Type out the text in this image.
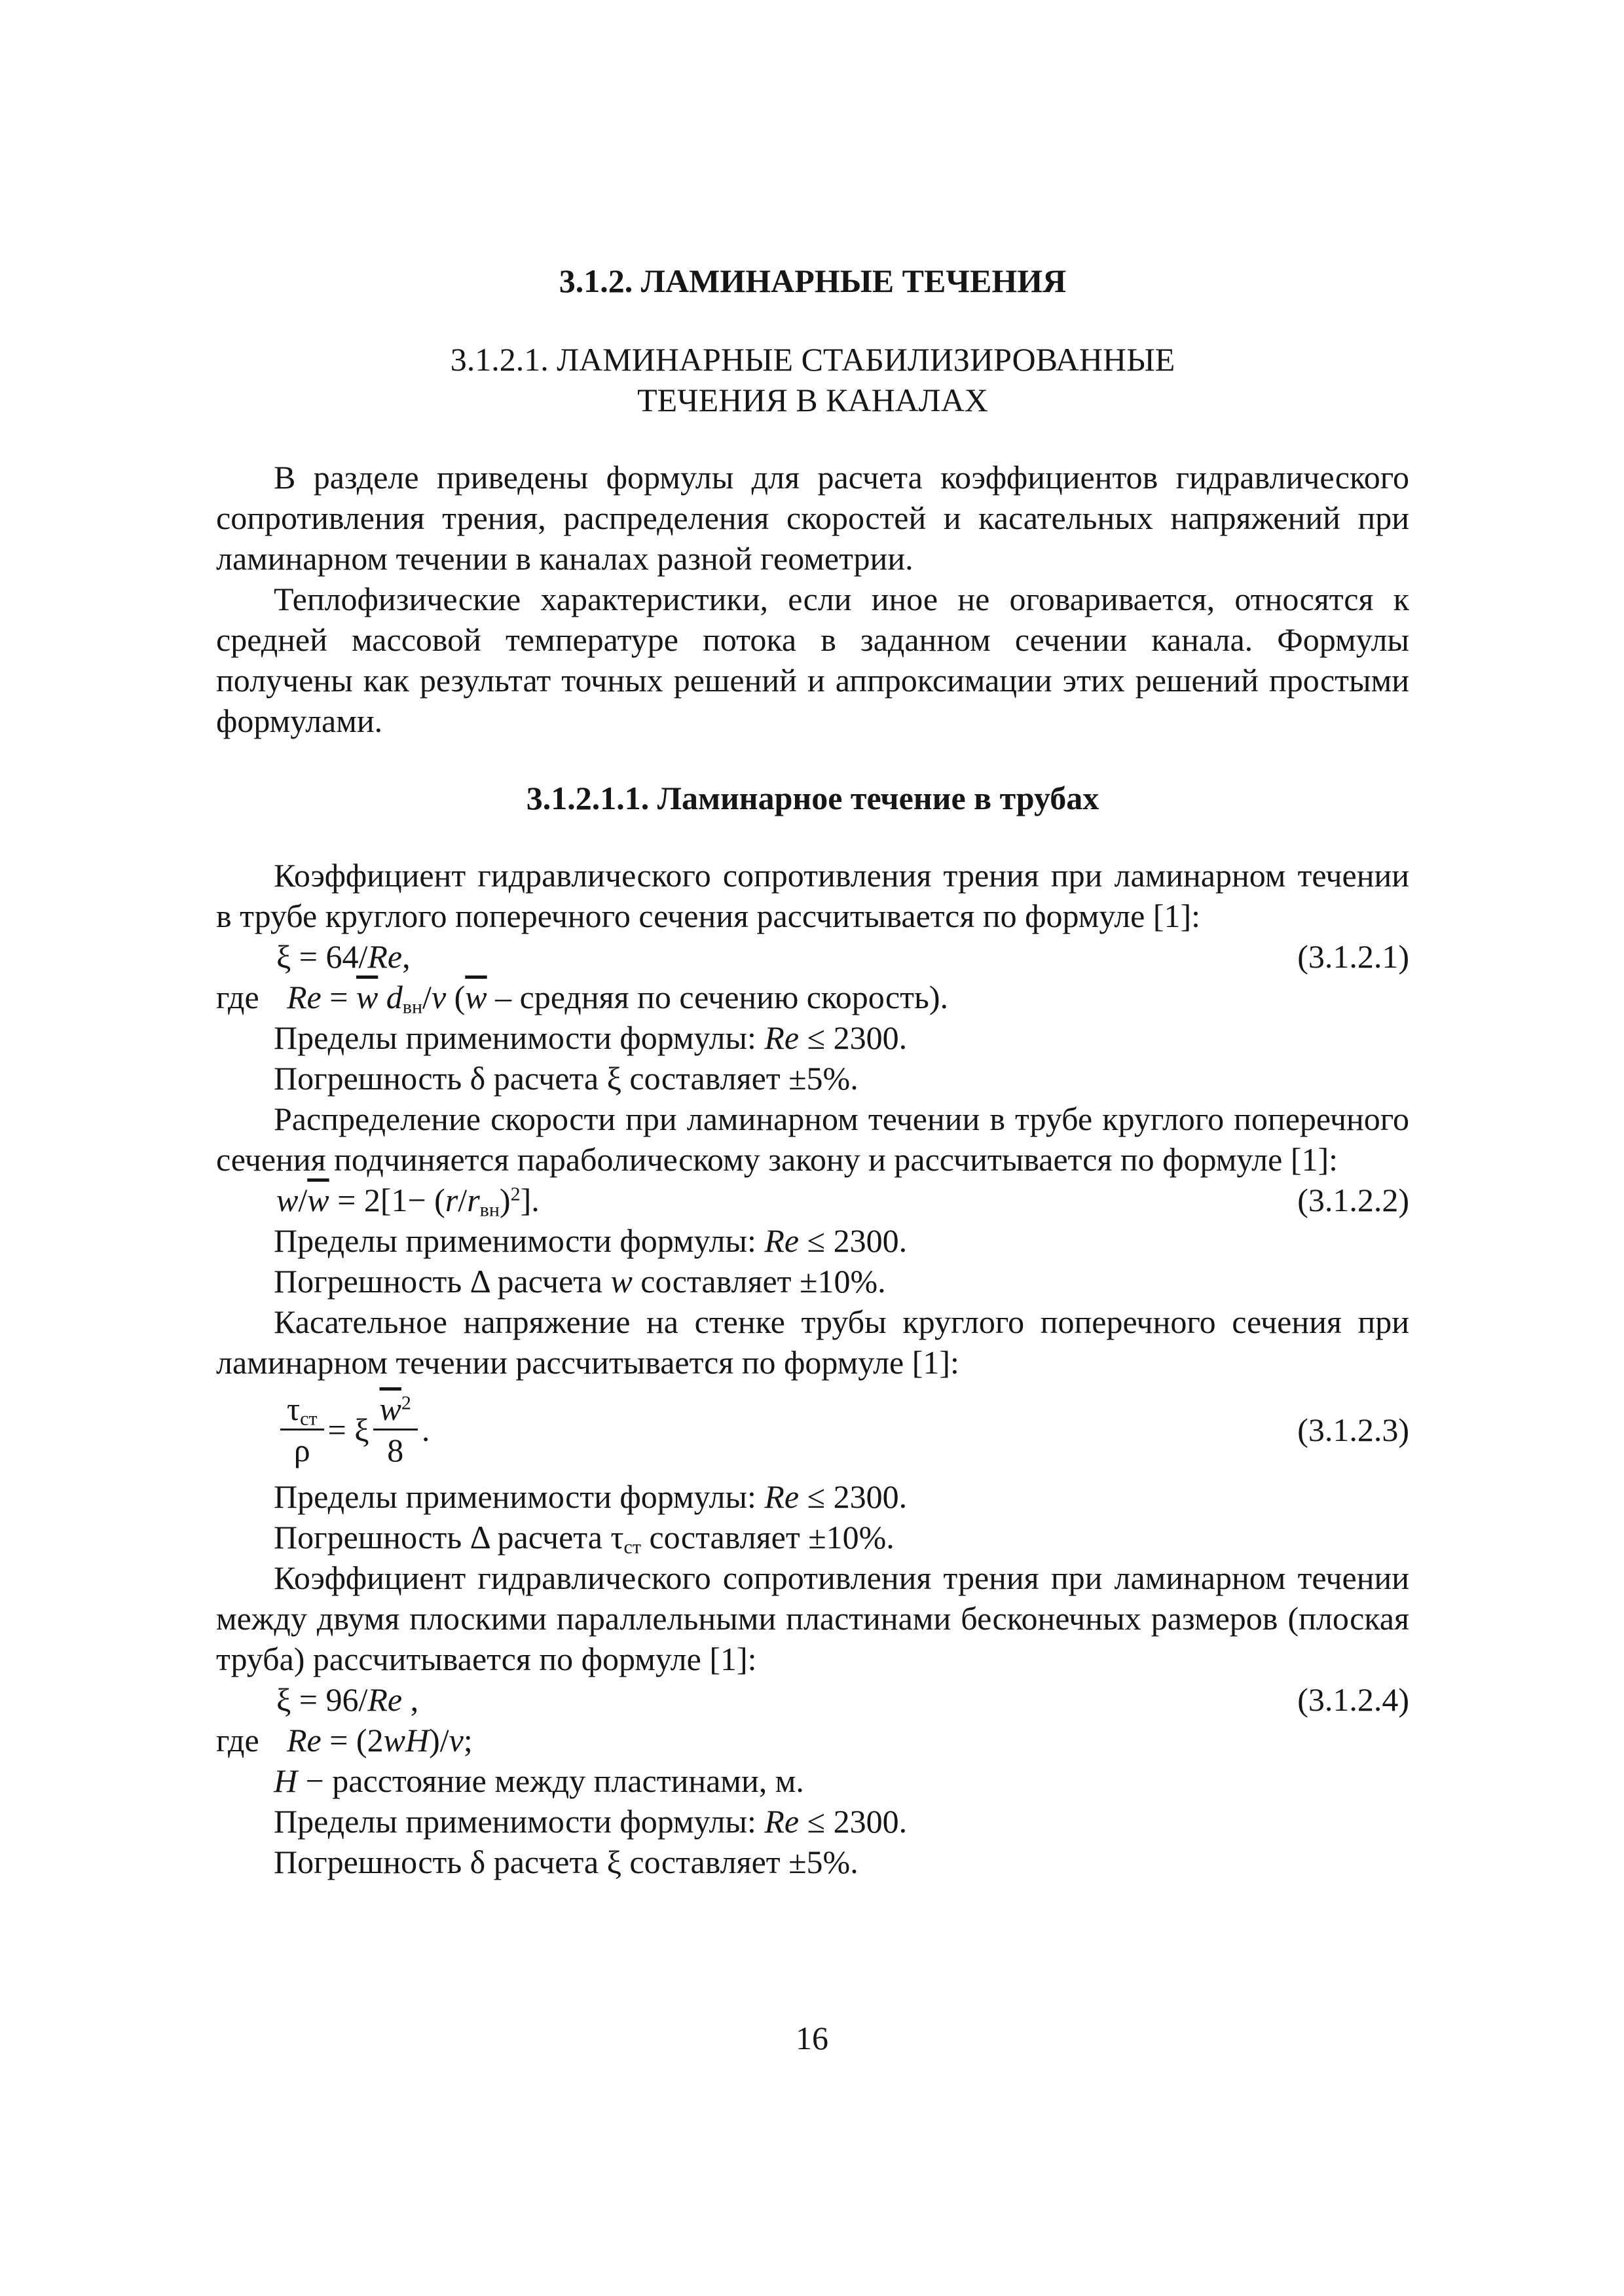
3.1.2. ЛАМИНАРНЫЕ ТЕЧЕНИЯ
3.1.2.1. ЛАМИНАРНЫЕ СТАБИЛИЗИРОВАННЫЕ
ТЕЧЕНИЯ В КАНАЛАХ
В разделе приведены формулы для расчета коэффициентов гидравлического сопротивления трения, распределения скоростей и касательных напряжений при ламинарном течении в каналах разной геометрии.
Теплофизические характеристики, если иное не оговаривается, относятся к средней массовой температуре потока в заданном сечении канала. Формулы получены как результат точных решений и аппроксимации этих решений простыми формулами.
3.1.2.1.1. Ламинарное течение в трубах
Коэффициент гидравлического сопротивления трения при ламинарном течении в трубе круглого поперечного сечения рассчитывается по формуле [1]:
ξ = 64/Re,	(3.1.2.1)
где $Re = \overline{w}$ $d_{вн}/\nu$ ($\overline{w}$ – средняя по сечению скорость).
Пределы применимости формулы: Re ≤ 2300.
Погрешность δ расчета ξ составляет ±5%.
Распределение скорости при ламинарном течении в трубе круглого поперечного сечения подчиняется параболическому закону и рассчитывается по формуле [1]:
$w/\overline{w} = 2[1- (r/r_{вн})^2]$.	(3.1.2.2)
Пределы применимости формулы: Re ≤ 2300.
Погрешность Δ расчета w составляет ±10%.
Касательное напряжение на стенке трубы круглого поперечного сечения при ламинарном течении рассчитывается по формуле [1]:
$\frac{\tau_{ст}}{\rho} = \xi \frac{\overline{w}^2}{8}$ .	(3.1.2.3)
Пределы применимости формулы: Re ≤ 2300.
Погрешность Δ расчета $\tau_{ст}$ составляет ±10%.
Коэффициент гидравлического сопротивления трения при ламинарном течении между двумя плоскими параллельными пластинами бесконечных размеров (плоская труба) рассчитывается по формуле [1]:
ξ = 96/Re ,	(3.1.2.4)
где Re = (2wH)/ν;
H − расстояние между пластинами, м.
Пределы применимости формулы: Re ≤ 2300.
Погрешность δ расчета ξ составляет ±5%.
16
